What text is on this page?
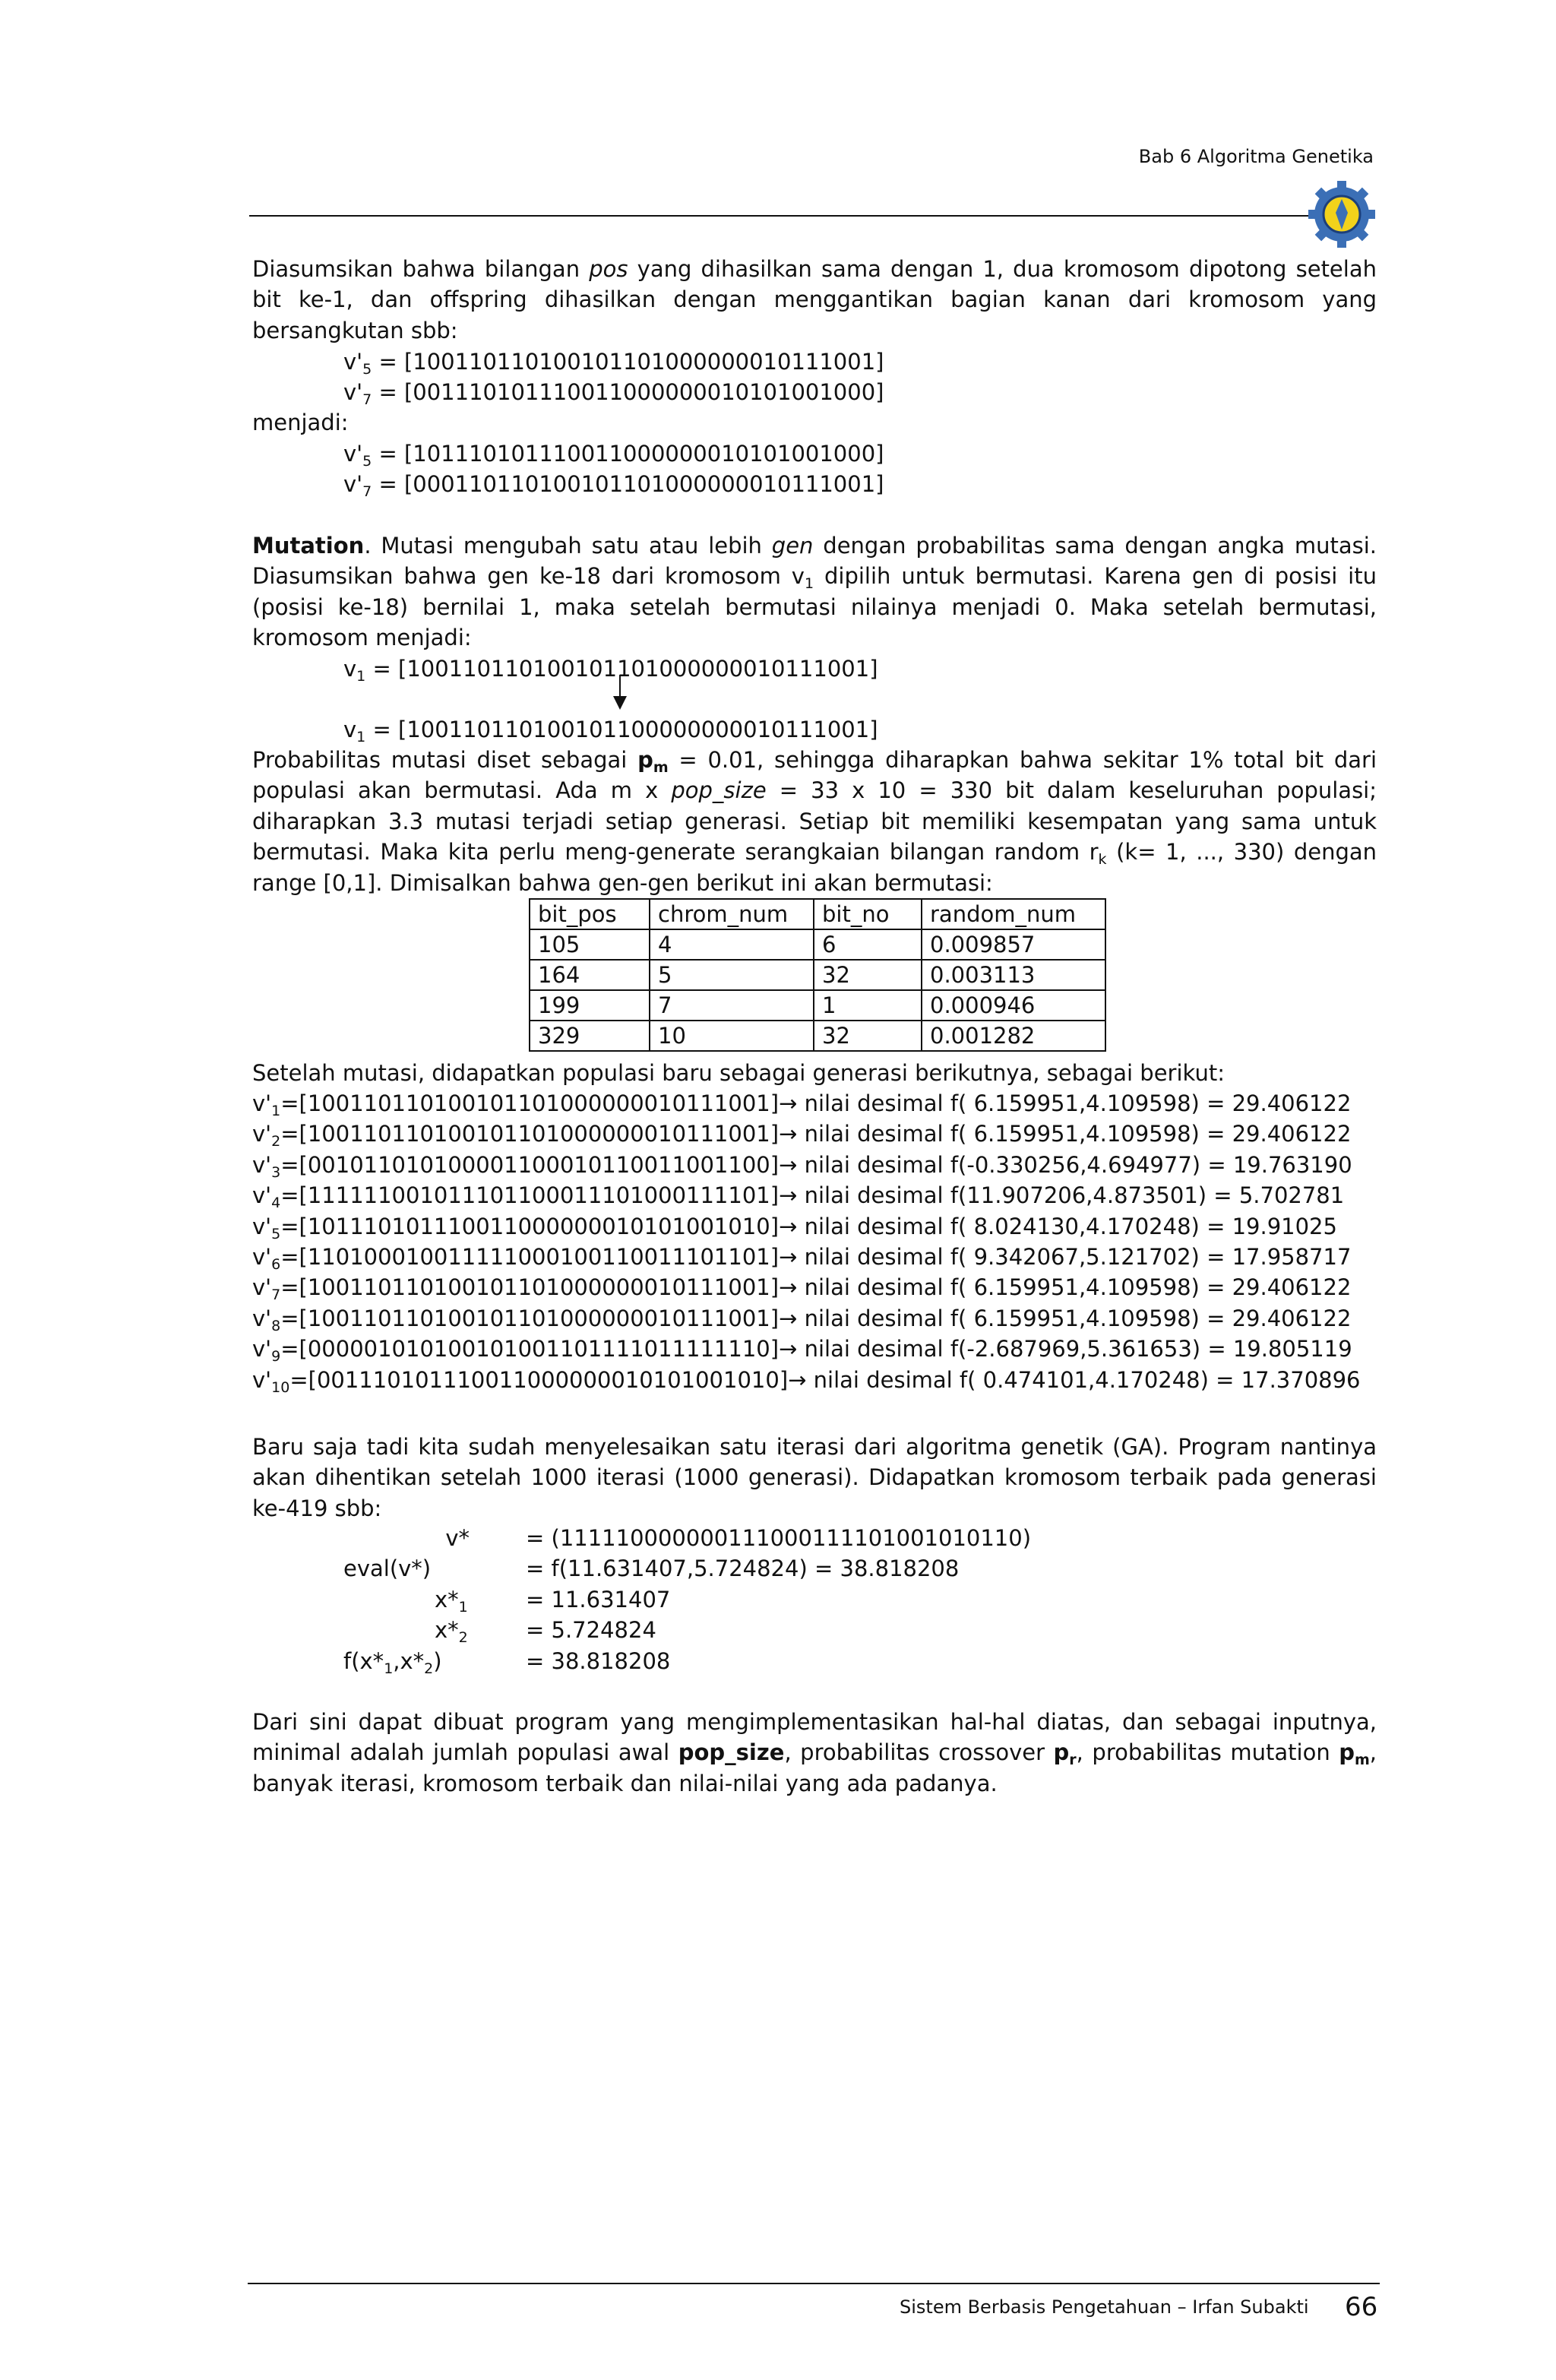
Bab 6 Algoritma Genetika
Diasumsikan bahwa bilangan pos yang dihasilkan sama dengan 1, dua kromosom dipotong setelah bit ke-1, dan offspring dihasilkan dengan menggantikan bagian kanan dari kromosom yang bersangkutan sbb:
$v'_5 = [100110110100101101000000010111001]$
$v'_7 = [001110101110011000000010101001000]$
menjadi:
$v'_5 = [101110101110011000000010101001000]$
$v'_7 = [000110110100101101000000010111001]$
Mutation. Mutasi mengubah satu atau lebih gen dengan probabilitas sama dengan angka mutasi. Diasumsikan bahwa gen ke-18 dari kromosom $v_1$ dipilih untuk bermutasi. Karena gen di posisi itu (posisi ke-18) bernilai 1, maka setelah bermutasi nilainya menjadi 0. Maka setelah bermutasi, kromosom menjadi:
$v_1 = [100110110100101101000000010111001]$
$v_1 = [100110110100101100000000010111001]$
Probabilitas mutasi diset sebagai $p_m = 0.01$, sehingga diharapkan bahwa sekitar 1% total bit dari populasi akan bermutasi. Ada m x pop_size = 33 x 10 = 330 bit dalam keseluruhan populasi; diharapkan 3.3 mutasi terjadi setiap generasi. Setiap bit memiliki kesempatan yang sama untuk bermutasi. Maka kita perlu meng-generate serangkaian bilangan random $r_k$ (k= 1, ..., 330) dengan range [0,1]. Dimisalkan bahwa gen-gen berikut ini akan bermutasi:
bit_pos	chrom_num	bit_no	random_num
105	4	6	0.009857
164	5	32	0.003113
199	7	1	0.000946
329	10	32	0.001282
Setelah mutasi, didapatkan populasi baru sebagai generasi berikutnya, sebagai berikut:
$v'_1=[100110110100101101000000010111001]\to$ nilai desimal f( 6.159951,4.109598) = 29.406122
$v'_2=[100110110100101101000000010111001]\to$ nilai desimal f( 6.159951,4.109598) = 29.406122
$v'_3=[001011010100001100010110011001100]\to$ nilai desimal f(-0.330256,4.694977) = 19.763190
$v'_4=[111111001011101100011101000111101]\to$ nilai desimal f(11.907206,4.873501) = 5.702781
$v'_5=[101110101110011000000010101001010]\to$ nilai desimal f( 8.024130,4.170248) = 19.91025
$v'_6=[110100010011111000100110011101101]\to$ nilai desimal f( 9.342067,5.121702) = 17.958717
$v'_7=[100110110100101101000000010111001]\to$ nilai desimal f( 6.159951,4.109598) = 29.406122
$v'_8=[100110110100101101000000010111001]\to$ nilai desimal f( 6.159951,4.109598) = 29.406122
$v'_9=[000001010100101001101111011111110]\to$ nilai desimal f(-2.687969,5.361653) = 19.805119
$v'_{10}=[001110101110011000000010101001010]\to$ nilai desimal f( 0.474101,4.170248) = 17.370896
Baru saja tadi kita sudah menyelesaikan satu iterasi dari algoritma genetik (GA). Program nantinya akan dihentikan setelah 1000 iterasi (1000 generasi). Didapatkan kromosom terbaik pada generasi ke-419 sbb:
v*	= (111110000000111000111101001010110)
eval(v*)	= f(11.631407,5.724824) = 38.818208
$x*_1$	= 11.631407
$x*_2$	= 5.724824
$f(x*_1,x*_2)$	= 38.818208
Dari sini dapat dibuat program yang mengimplementasikan hal-hal diatas, dan sebagai inputnya, minimal adalah jumlah populasi awal pop_size, probabilitas crossover $p_r$, probabilitas mutation $p_m$, banyak iterasi, kromosom terbaik dan nilai-nilai yang ada padanya.
Sistem Berbasis Pengetahuan – Irfan Subakti 66
